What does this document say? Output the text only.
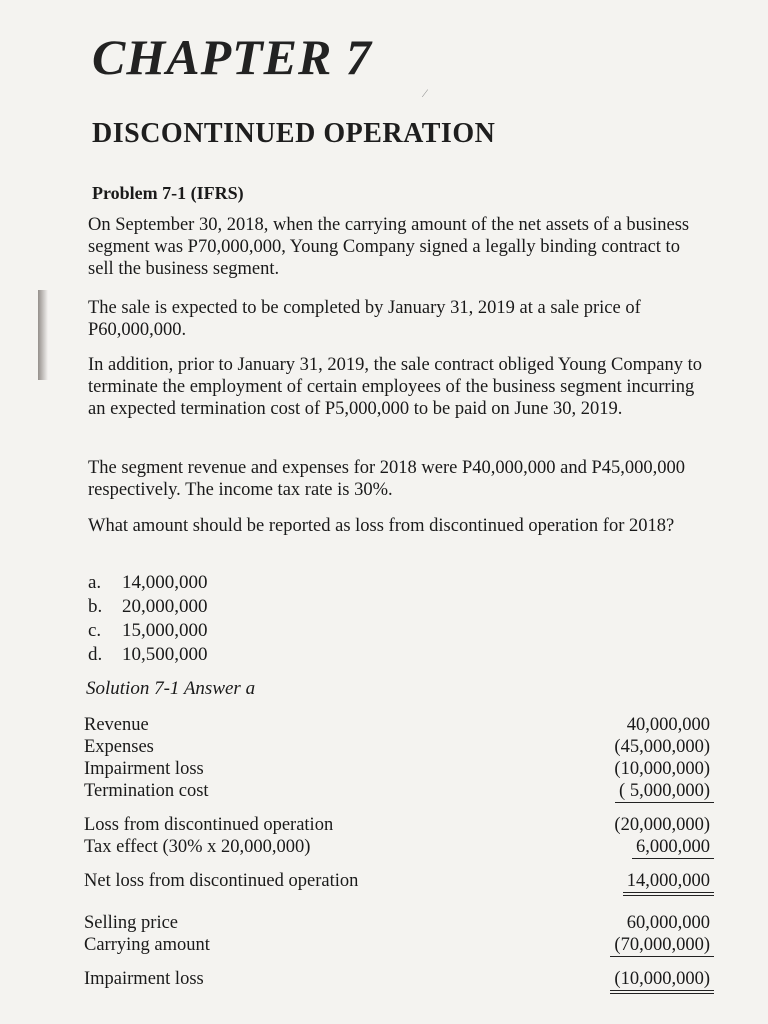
CHAPTER 7
⁄
DISCONTINUED OPERATION
Problem 7-1 (IFRS)

On September 30, 2018, when the carrying amount of the net assets of a business segment was P70,000,000, Young Company signed a legally binding contract to sell the business segment.

The sale is expected to be completed by January 31, 2019 at a sale price of P60,000,000.

In addition, prior to January 31, 2019, the sale contract obliged Young Company to terminate the employment of certain employees of the business segment incurring an expected termination cost of P5,000,000 to be paid on June 30, 2019.

The segment revenue and expenses for 2018 were P40,000,000 and P45,000,000 respectively. The income tax rate is 30%.

What amount should be reported as loss from discontinued operation for 2018?

a.	14,000,000
b.	20,000,000
c.	15,000,000
d.	10,500,000
Solution 7-1 Answer a
Revenue	40,000,000
Expenses	(45,000,000)
Impairment loss	(10,000,000)
Termination cost	( 5,000,000)
Loss from discontinued operation	(20,000,000)
Tax effect (30% x 20,000,000)	6,000,000
Net loss from discontinued operation	14,000,000
Selling price	60,000,000
Carrying amount	(70,000,000)
Impairment loss	(10,000,000)
